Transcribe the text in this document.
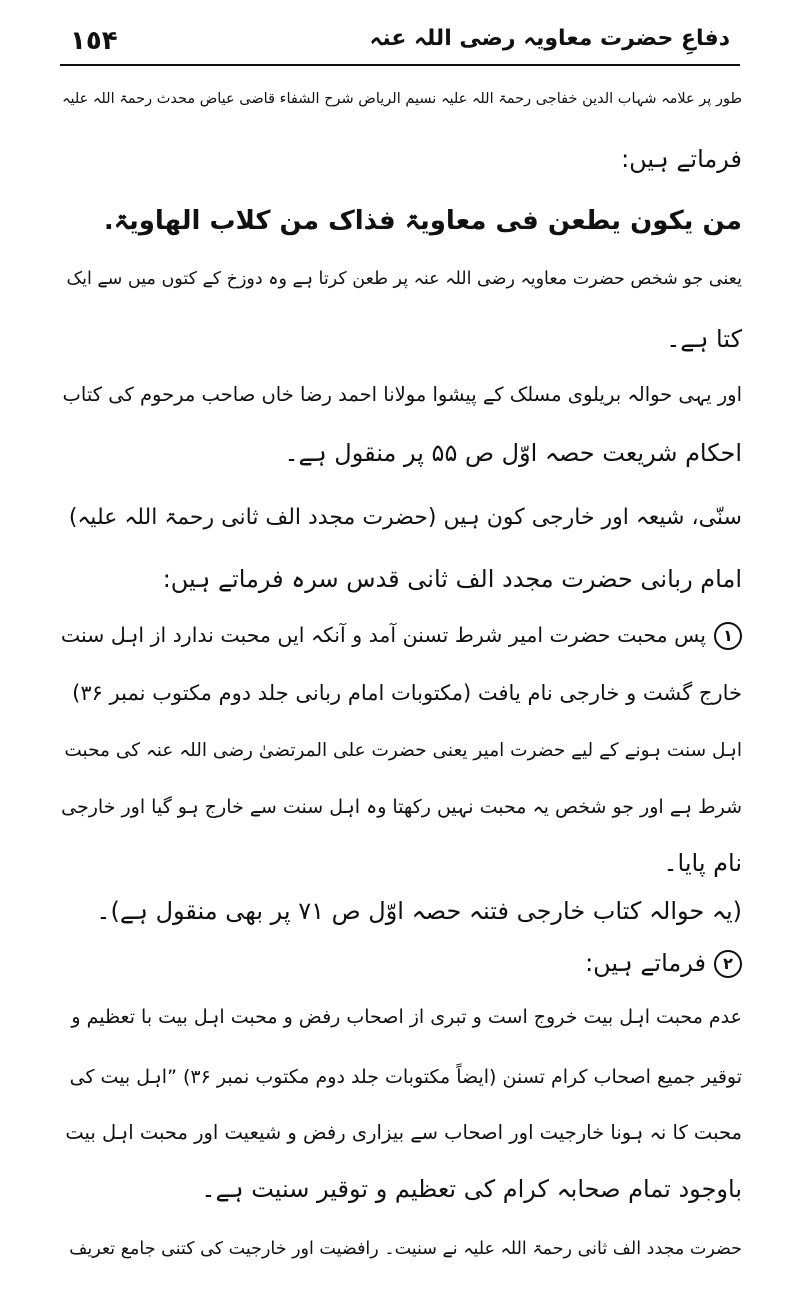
١٥۴	دفاعِ حضرت معاویہ رضی اللہ عنہ
طور پر علامہ شہاب الدین خفاجی رحمۃ اللہ علیہ نسیم الریاض شرح الشفاء قاضی عیاض محدث رحمۃ اللہ علیہ
فرماتے ہیں:
من یکون یطعن فی معاویۃ فذاک من کلاب الھاویۃ.
یعنی جو شخص حضرت معاویہ رضی اللہ عنہ پر طعن کرتا ہے وہ دوزخ کے کتوں میں سے ایک
کتا ہے۔
اور یہی حوالہ بریلوی مسلک کے پیشوا مولانا احمد رضا خاں صاحب مرحوم کی کتاب
احکام شریعت حصہ اوّل ص ۵۵ پر منقول ہے۔
سنّی، شیعہ اور خارجی کون ہیں (حضرت مجدد الف ثانی رحمۃ اللہ علیہ)
امام ربانی حضرت مجدد الف ثانی قدس سرہ فرماتے ہیں:
۱پس محبت حضرت امیر شرط تسنن آمد و آنکہ ایں محبت ندارد از اہل سنت
خارج گشت و خارجی نام یافت (مکتوبات امام ربانی جلد دوم مکتوب نمبر ۳۶)
اہل سنت ہونے کے لیے حضرت امیر یعنی حضرت علی المرتضیٰ رضی اللہ عنہ کی محبت
شرط ہے اور جو شخص یہ محبت نہیں رکھتا وہ اہل سنت سے خارج ہو گیا اور خارجی
نام پایا۔
(یہ حوالہ کتاب خارجی فتنہ حصہ اوّل ص ۷۱ پر بھی منقول ہے)۔
۲فرماتے ہیں:
عدم محبت اہل بیت خروج است و تبری از اصحاب رفض و محبت اہل بیت با تعظیم و
توقیر جمیع اصحاب کرام تسنن (ایضاً مکتوبات جلد دوم مکتوب نمبر ۳۶) ”اہل بیت کی
محبت کا نہ ہونا خارجیت اور اصحاب سے بیزاری رفض و شیعیت اور محبت اہل بیت
باوجود تمام صحابہ کرام کی تعظیم و توقیر سنیت ہے۔
حضرت مجدد الف ثانی رحمۃ اللہ علیہ نے سنیت۔ رافضیت اور خارجیت کی کتنی جامع تعریف
